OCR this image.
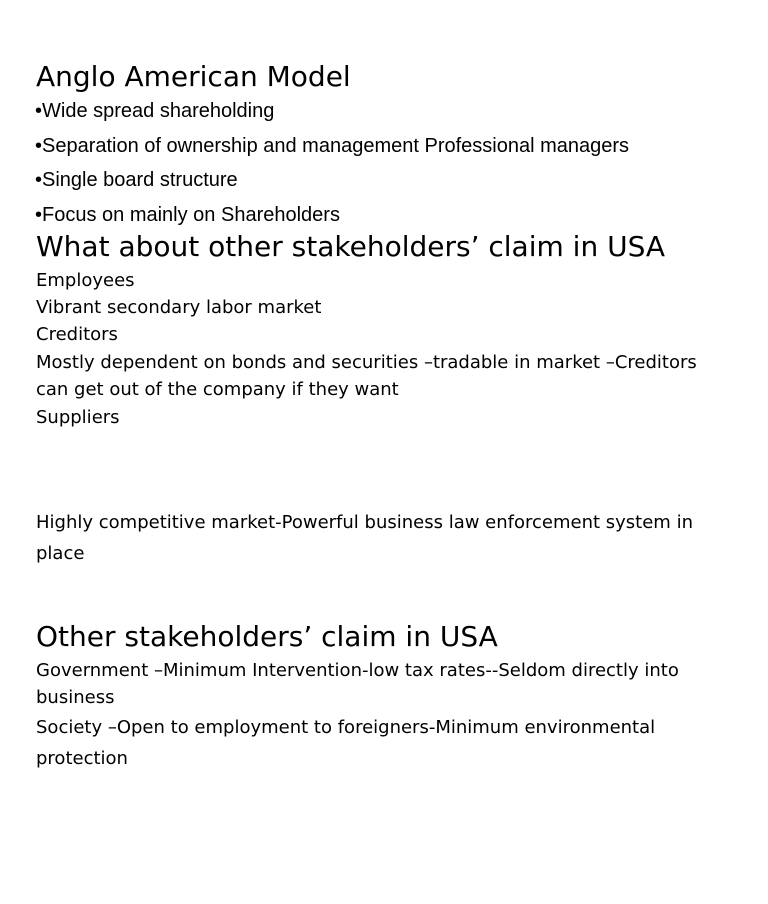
Anglo American Model
•Wide spread shareholding
•Separation of ownership and management Professional managers
•Single board structure
•Focus on mainly on Shareholders
What about other stakeholders’ claim in USA
Employees
Vibrant secondary labor market
Creditors
Mostly dependent on bonds and securities –tradable in market –Creditors can get out of the company if they want
Suppliers
Highly competitive market-Powerful business law enforcement system in place
Other stakeholders’ claim in USA
Government –Minimum Intervention-low tax rates--Seldom directly into business
Society –Open to employment to foreigners-Minimum environmental protection
